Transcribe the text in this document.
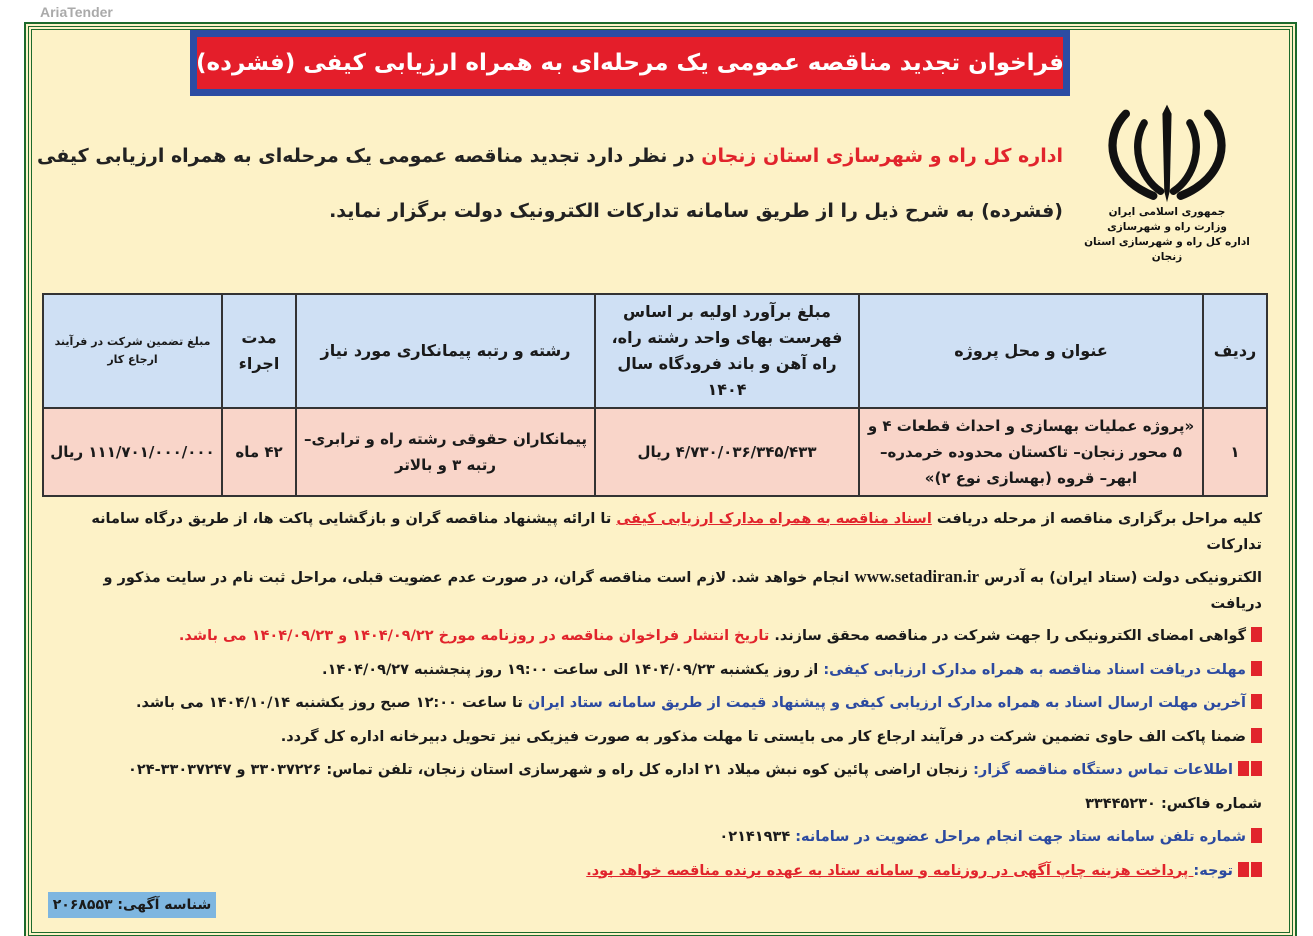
AriaTender
فراخوان تجدید مناقصه عمومی یک مرحله‌ای به همراه ارزیابی کیفی (فشرده)
جمهوری اسلامی ایران
وزارت راه و شهرسازی
اداره کل راه و شهرسازی استان زنجان
اداره کل راه و شهرسازی استان زنجان در نظر دارد تجدید مناقصه عمومی یک مرحله‌ای به همراه ارزیابی کیفی
(فشرده) به شرح ذیل را از طریق سامانه تدارکات الکترونیک دولت برگزار نماید.
ردیف	عنوان و محل پروژه	مبلغ برآورد اولیه بر اساس فهرست بهای واحد رشته راه، راه آهن و باند فرودگاه سال ۱۴۰۴	رشته و رتبه پیمانکاری مورد نیاز	مدت اجراء	مبلغ تضمین شرکت در فرآیند ارجاع کار
۱	«پروژه عملیات بهسازی و احداث قطعات ۴ و ۵ محور زنجان– تاکستان محدوده خرمدره– ابهر– قروه (بهسازی نوع ۲)»	۴/۷۳۰/۰۳۶/۳۴۵/۴۳۳ ریال	پیمانکاران حقوقی رشته راه و ترابری– رتبه ۳ و بالاتر	۴۲ ماه	۱۱۱/۷۰۱/۰۰۰/۰۰۰ ریال
کلیه مراحل برگزاری مناقصه از مرحله دریافت اسناد مناقصه به همراه مدارک ارزیابی کیفی تا ارائه پیشنهاد مناقصه گران و بازگشایی پاکت ها، از طریق درگاه سامانه تدارکات
الکترونیکی دولت (ستاد ایران) به آدرس www.setadiran.ir انجام خواهد شد. لازم است مناقصه گران، در صورت عدم عضویت قبلی، مراحل ثبت نام در سایت مذکور و دریافت
گواهی امضای الکترونیکی را جهت شرکت در مناقصه محقق سازند. تاریخ انتشار فراخوان مناقصه در روزنامه مورخ ۱۴۰۴/۰۹/۲۲ و ۱۴۰۴/۰۹/۲۳ می باشد.
مهلت دریافت اسناد مناقصه به همراه مدارک ارزیابی کیفی: از روز یکشنبه ۱۴۰۴/۰۹/۲۳ الی ساعت ۱۹:۰۰ روز پنجشنبه ۱۴۰۴/۰۹/۲۷.
آخرین مهلت ارسال اسناد به همراه مدارک ارزیابی کیفی و پیشنهاد قیمت از طریق سامانه ستاد ایران تا ساعت ۱۲:۰۰ صبح روز یکشنبه ۱۴۰۴/۱۰/۱۴ می باشد.
ضمنا پاکت الف حاوی تضمین شرکت در فرآیند ارجاع کار می بایستی تا مهلت مذکور به صورت فیزیکی نیز تحویل دبیرخانه اداره کل گردد.
اطلاعات تماس دستگاه مناقصه گزار: زنجان اراضی پائین کوه نبش میلاد ۲۱ اداره کل راه و شهرسازی استان زنجان، تلفن تماس: ۳۳۰۳۷۲۲۶ و ۳۳۰۳۷۲۴۷-۰۲۴
شماره فاکس: ۳۳۴۴۵۲۳۰
شماره تلفن سامانه ستاد جهت انجام مراحل عضویت در سامانه: ۰۲۱۴۱۹۳۴
توجه: پرداخت هزینه چاپ آگهی در روزنامه و سامانه ستاد به عهده برنده مناقصه خواهد بود.
شناسه آگهی: ۲۰۶۸۵۵۳
